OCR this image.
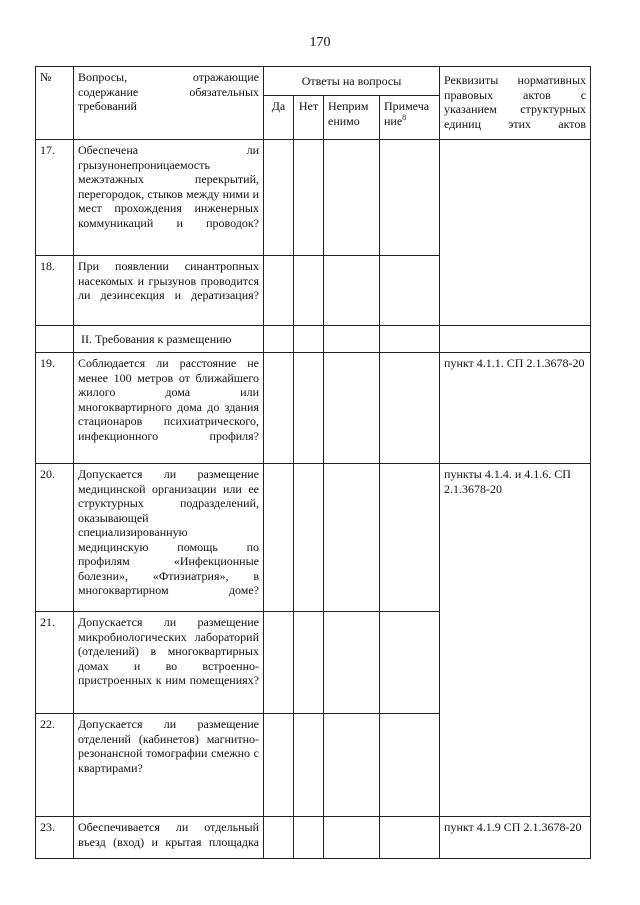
170
№	Вопросы, отражающие содержание обязательных требований	Ответы на вопросы				Реквизиты нормативных правовых актов с указанием структурных единиц этих актов
		Да	Нет	Неприм енимо	Примеча ние$^8$
17.	Обеспечена ли грызунонепроницаемость межэтажных перекрытий, перегородок, стыков между ними и мест прохождения инженерных коммуникаций и проводок?					
18.	При появлении синантропных насекомых и грызунов проводится ли дезинсекция и дератизация?					
	II. Требования к размещению					
19.	Соблюдается ли расстояние не менее 100 метров от ближайшего жилого дома или многоквартирного дома до здания стационаров психиатрического, инфекционного профиля?					пункт 4.1.1. СП 2.1.3678-20
20.	Допускается ли размещение медицинской организации или ее структурных подразделений, оказывающей специализированную медицинскую помощь по профилям «Инфекционные болезни», «Фтизиатрия», в многоквартирном доме?					пункты 4.1.4. и 4.1.6. СП 2.1.3678-20
21.	Допускается ли размещение микробиологических лабораторий (отделений) в многоквартирных домах и во встроенно-пристроенных к ним помещениях?					
22.	Допускается ли размещение отделений (кабинетов) магнитно-резонансной томографии смежно с квартирами?					
23.	Обеспечивается ли отдельный въезд (вход) и крытая площадка					пункт 4.1.9 СП 2.1.3678-20
